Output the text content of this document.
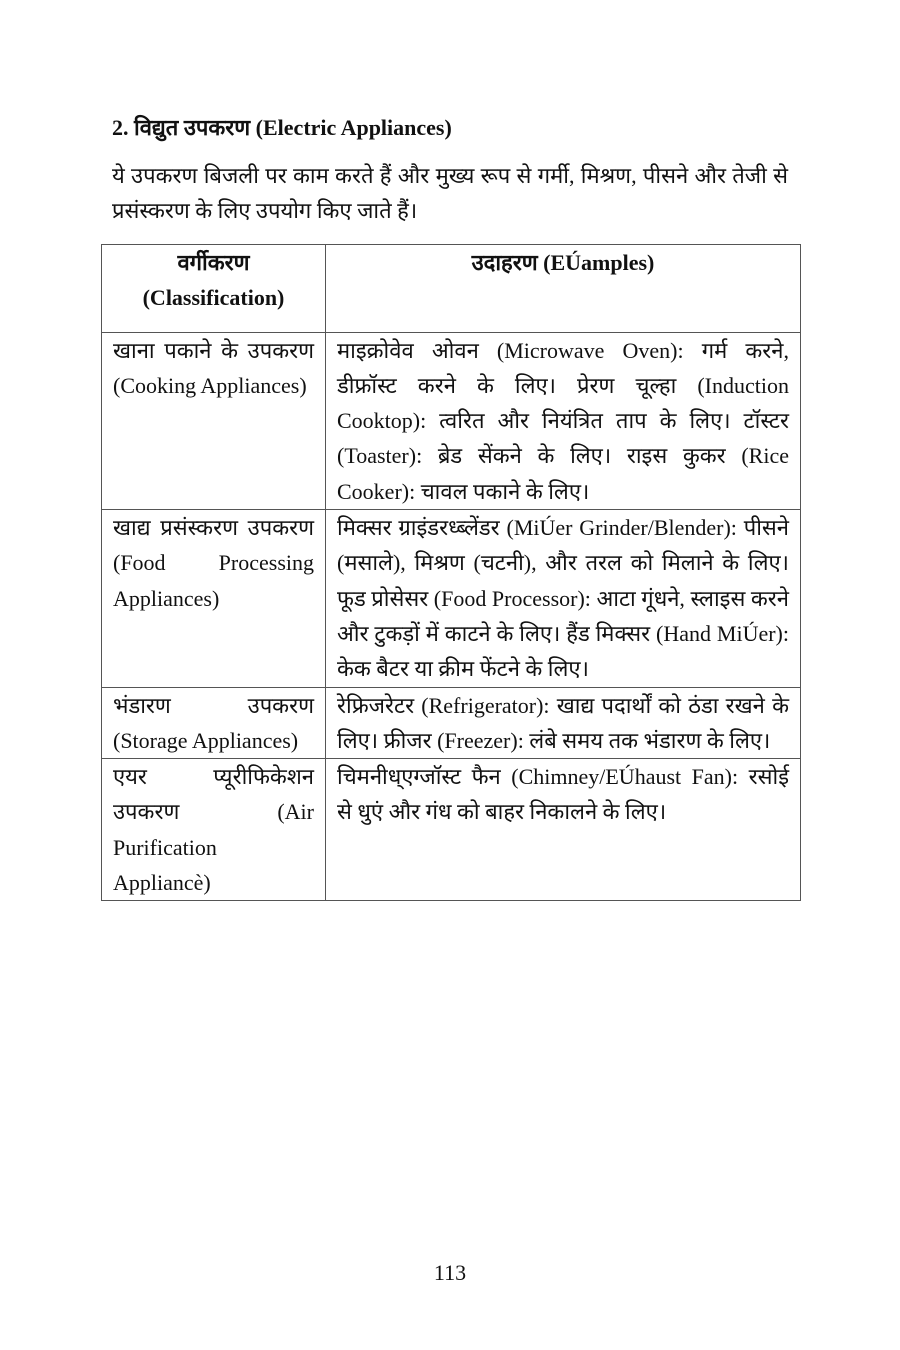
2. विद्युत उपकरण (Electric Appliances)

ये उपकरण बिजली पर काम करते हैं और मुख्य रूप से गर्मी, मिश्रण, पीसने और तेजी से प्रसंस्करण के लिए उपयोग किए जाते हैं।

वर्गीकरण (Classification)	उदाहरण (EÚamples)
खाना पकाने के उपकरण (Cooking Appliances)	माइक्रोवेव ओवन (Microwave Oven): गर्म करने, डीफ्रॉस्ट करने के लिए। प्रेरण चूल्हा (Induction Cooktop): त्वरित और नियंत्रित ताप के लिए। टॉस्टर (Toaster): ब्रेड सेंकने के लिए। राइस कुकर (Rice Cooker): चावल पकाने के लिए।
खाद्य प्रसंस्करण उपकरण (Food Processing Appliances)	मिक्सर ग्राइंडरध्ब्लेंडर (MiÚer Grinder/Blender): पीसने (मसाले), मिश्रण (चटनी), और तरल को मिलाने के लिए। फूड प्रोसेसर (Food Processor): आटा गूंधने, स्लाइस करने और टुकड़ों में काटने के लिए। हैंड मिक्सर (Hand MiÚer): केक बैटर या क्रीम फेंटने के लिए।
भंडारण उपकरण (Storage Appliances)	रेफ्रिजरेटर (Refrigerator): खाद्य पदार्थों को ठंडा रखने के लिए। फ्रीजर (Freezer): लंबे समय तक भंडारण के लिए।
एयर प्यूरीफिकेशन उपकरण (Air Purification Appliancè)	चिमनीध्एग्जॉस्ट फैन (Chimney/EÚhaust Fan): रसोई से धुएं और गंध को बाहर निकालने के लिए।
113
